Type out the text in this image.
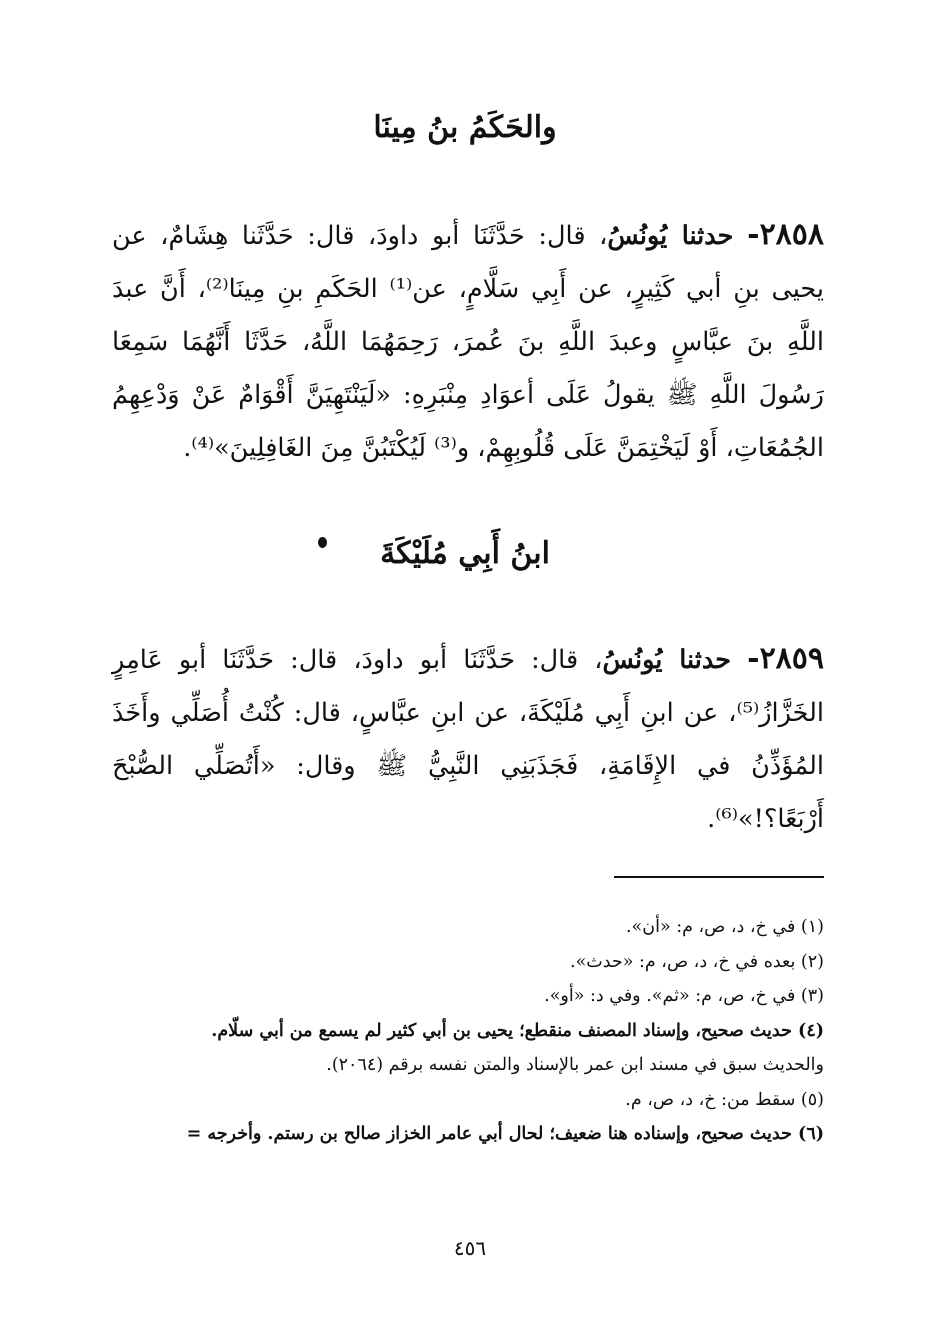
والحَكَمُ بنُ مِينَا
٢٨٥٨- حدثنا يُونُسُ، قال: حَدَّثَنَا أبو داودَ، قال: حَدَّثَنا هِشَامٌ، عن يحيى بنِ أبي كَثِيرٍ، عن أَبِي سَلَّامٍ، عن⁽¹⁾ الحَكَمِ بنِ مِينَا⁽²⁾، أَنَّ عبدَ اللَّهِ بنَ عبَّاسٍ وعبدَ اللَّهِ بنَ عُمرَ، رَحِمَهُمَا اللَّهُ، حَدَّثَا أَنَّهُمَا سَمِعَا رَسُولَ اللَّهِ ﷺ يقولُ عَلَى أعوَادِ مِنْبَرِهِ: «لَيَنْتَهِيَنَّ أَقْوَامٌ عَنْ وَدْعِهِمُ الجُمُعَاتِ، أَوْ لَيَخْتِمَنَّ عَلَى قُلُوبِهِمْ، و⁽³⁾ لَيُكْتَبُنَّ مِنَ الغَافِلِينَ»⁽⁴⁾.
ابنُ أَبِي مُلَيْكَةَ
٢٨٥٩- حدثنا يُونُسُ، قال: حَدَّثَنَا أبو داودَ، قال: حَدَّثَنَا أبو عَامِرٍ الخَزَّازُ⁽⁵⁾، عن ابنِ أَبِي مُلَيْكَةَ، عن ابنِ عبَّاسٍ، قال: كُنْتُ أُصَلِّي وأَخَذَ المُؤَذِّنُ في الإِقَامَةِ، فَجَذَبَنِي النَّبِيُّ ﷺ وقال: «أَتُصَلِّي الصُّبْحَ أَرْبَعًا؟!»⁽⁶⁾.
(١) في خ، د، ص، م: «أن».
(٢) بعده في خ، د، ص، م: «حدث».
(٣) في خ، ص، م: «ثم». وفي د: «أو».
(٤) حديث صحيح، وإسناد المصنف منقطع؛ يحيى بن أبي كثير لم يسمع من أبي سلّام.
والحديث سبق في مسند ابن عمر بالإسناد والمتن نفسه برقم (٢٠٦٤).
(٥) سقط من: خ، د، ص، م.
(٦) حديث صحيح، وإسناده هنا ضعيف؛ لحال أبي عامر الخزاز صالح بن رستم. وأخرجه =
٤٥٦
